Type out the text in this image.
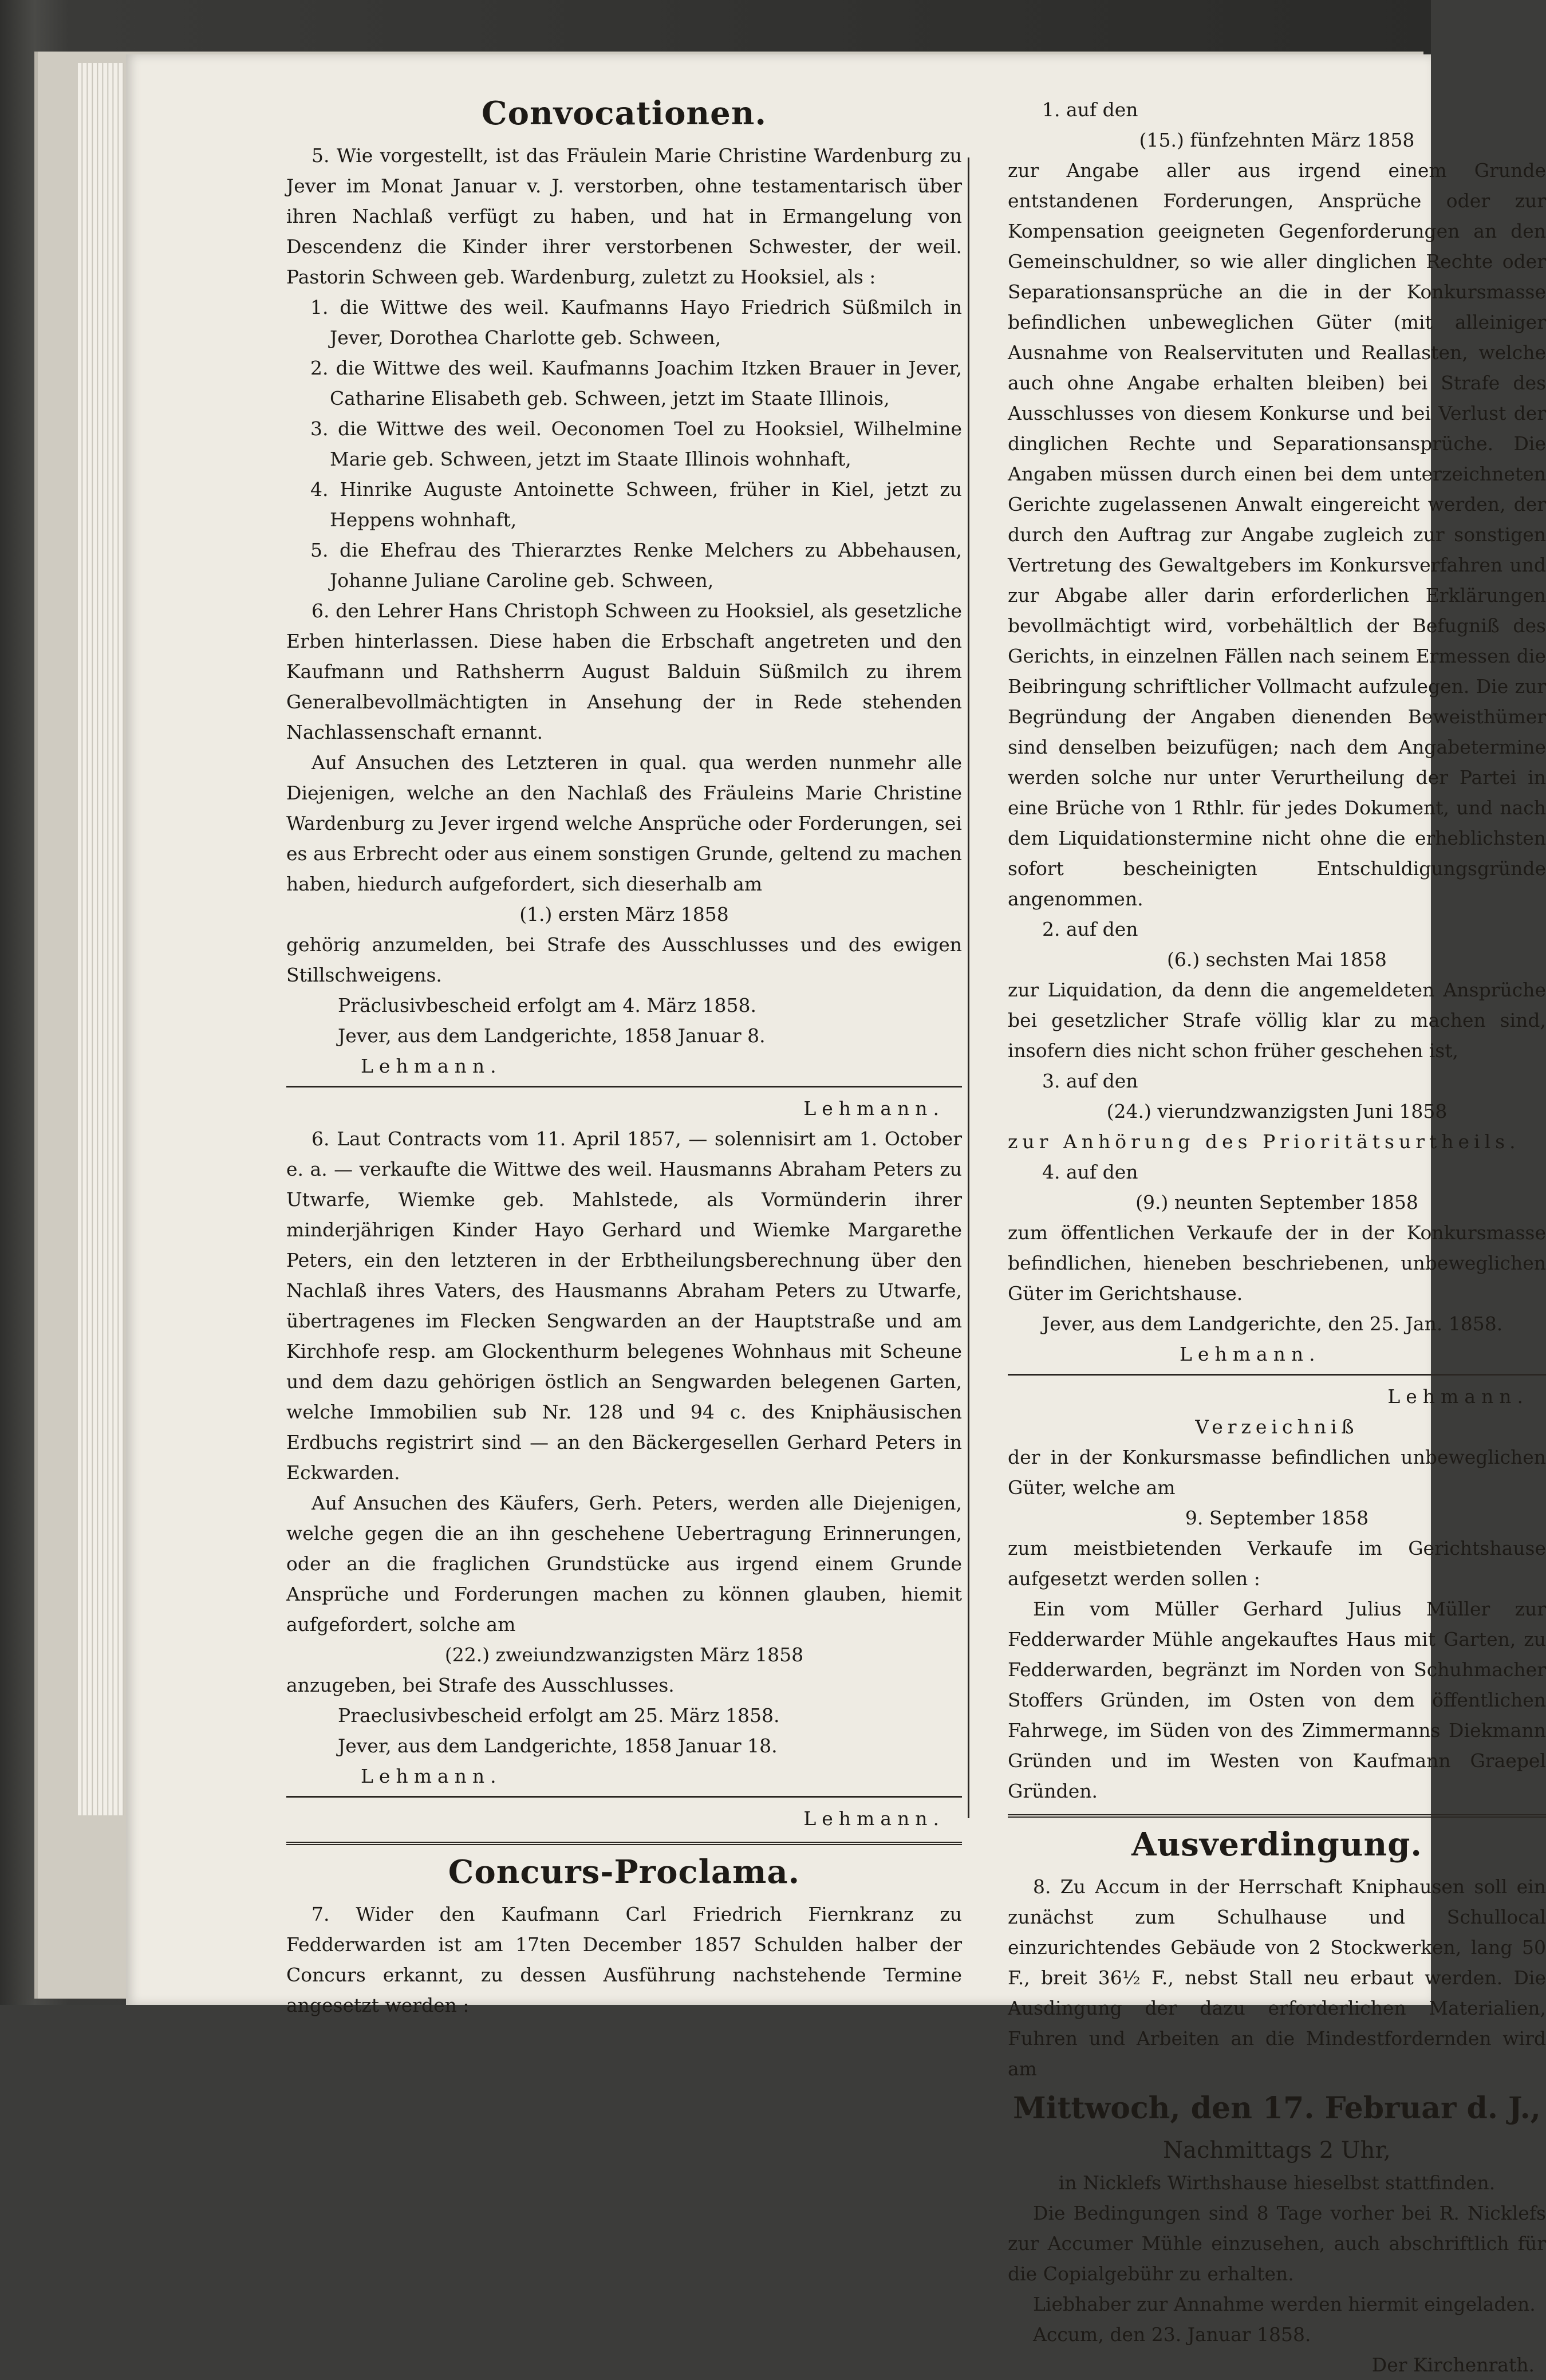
Convocationen.

5. Wie vorgestellt, ist das Fräulein Marie Christine Wardenburg zu Jever im Monat Januar v. J. verstorben, ohne testamentarisch über ihren Nachlaß verfügt zu haben, und hat in Ermangelung von Descendenz die Kinder ihrer verstorbenen Schwester, der weil. Pastorin Schween geb. Wardenburg, zuletzt zu Hooksiel, als :

1. die Wittwe des weil. Kaufmanns Hayo Friedrich Süßmilch in Jever, Dorothea Charlotte geb. Schween,

2. die Wittwe des weil. Kaufmanns Joachim Itzken Brauer in Jever, Catharine Elisabeth geb. Schween, jetzt im Staate Illinois,

3. die Wittwe des weil. Oeconomen Toel zu Hooksiel, Wilhelmine Marie geb. Schween, jetzt im Staate Illinois wohnhaft,

4. Hinrike Auguste Antoinette Schween, früher in Kiel, jetzt zu Heppens wohnhaft,

5. die Ehefrau des Thierarztes Renke Melchers zu Abbehausen, Johanne Juliane Caroline geb. Schween,

6. den Lehrer Hans Christoph Schween zu Hooksiel, als gesetzliche Erben hinterlassen. Diese haben die Erbschaft angetreten und den Kaufmann und Rathsherrn August Balduin Süßmilch zu ihrem Generalbevollmächtigten in Ansehung der in Rede stehenden Nachlassenschaft ernannt.

Auf Ansuchen des Letzteren in qual. qua werden nunmehr alle Diejenigen, welche an den Nachlaß des Fräuleins Marie Christine Wardenburg zu Jever irgend welche Ansprüche oder Forderungen, sei es aus Erbrecht oder aus einem sonstigen Grunde, geltend zu machen haben, hiedurch aufgefordert, sich dieserhalb am

(1.) ersten März 1858

gehörig anzumelden, bei Strafe des Ausschlusses und des ewigen Stillschweigens.

Präclusivbescheid erfolgt am 4. März 1858.

Jever, aus dem Landgerichte, 1858 Januar 8.

Lehmann.

Lehmann.

6. Laut Contracts vom 11. April 1857, — solennisirt am 1. October e. a. — verkaufte die Wittwe des weil. Hausmanns Abraham Peters zu Utwarfe, Wiemke geb. Mahlstede, als Vormünderin ihrer minderjährigen Kinder Hayo Gerhard und Wiemke Margarethe Peters, ein den letzteren in der Erbtheilungsberechnung über den Nachlaß ihres Vaters, des Hausmanns Abraham Peters zu Utwarfe, übertragenes im Flecken Sengwarden an der Hauptstraße und am Kirchhofe resp. am Glockenthurm belegenes Wohnhaus mit Scheune und dem dazu gehörigen östlich an Sengwarden belegenen Garten, welche Immobilien sub Nr. 128 und 94 c. des Kniphäusischen Erdbuchs registrirt sind — an den Bäckergesellen Gerhard Peters in Eckwarden.

Auf Ansuchen des Käufers, Gerh. Peters, werden alle Diejenigen, welche gegen die an ihn geschehene Uebertragung Erinnerungen, oder an die fraglichen Grundstücke aus irgend einem Grunde Ansprüche und Forderungen machen zu können glauben, hiemit aufgefordert, solche am

(22.) zweiundzwanzigsten März 1858

anzugeben, bei Strafe des Ausschlusses.

Praeclusivbescheid erfolgt am 25. März 1858.

Jever, aus dem Landgerichte, 1858 Januar 18.

Lehmann.

Lehmann.

Concurs-Proclama.

7. Wider den Kaufmann Carl Friedrich Fiernkranz zu Fedderwarden ist am 17ten December 1857 Schulden halber der Concurs erkannt, zu dessen Ausführung nachstehende Termine angesetzt werden :

1. auf den

(15.) fünfzehnten März 1858

zur Angabe aller aus irgend einem Grunde entstandenen Forderungen, Ansprüche oder zur Kompensation geeigneten Gegenforderungen an den Gemeinschuldner, so wie aller dinglichen Rechte oder Separationsansprüche an die in der Konkursmasse befindlichen unbeweglichen Güter (mit alleiniger Ausnahme von Realservituten und Reallasten, welche auch ohne Angabe erhalten bleiben) bei Strafe des Ausschlusses von diesem Konkurse und bei Verlust der dinglichen Rechte und Separationsansprüche. Die Angaben müssen durch einen bei dem unterzeichneten Gerichte zugelassenen Anwalt eingereicht werden, der durch den Auftrag zur Angabe zugleich zur sonstigen Vertretung des Gewaltgebers im Konkursverfahren und zur Abgabe aller darin erforderlichen Erklärungen bevollmächtigt wird, vorbehältlich der Befugniß des Gerichts, in einzelnen Fällen nach seinem Ermessen die Beibringung schriftlicher Vollmacht aufzulegen. Die zur Begründung der Angaben dienenden Beweisthümer sind denselben beizufügen; nach dem Angabetermine werden solche nur unter Verurtheilung der Partei in eine Brüche von 1 Rthlr. für jedes Dokument, und nach dem Liquidationstermine nicht ohne die erheblichsten sofort bescheinigten Entschuldigungsgründe angenommen.

2. auf den

(6.) sechsten Mai 1858

zur Liquidation, da denn die angemeldeten Ansprüche bei gesetzlicher Strafe völlig klar zu machen sind, insofern dies nicht schon früher geschehen ist,

3. auf den

(24.) vierundzwanzigsten Juni 1858

zur Anhörung des Prioritätsurtheils.

4. auf den

(9.) neunten September 1858

zum öffentlichen Verkaufe der in der Konkursmasse befindlichen, hieneben beschriebenen, unbeweglichen Güter im Gerichtshause.

Jever, aus dem Landgerichte, den 25. Jan. 1858.

Lehmann.

Lehmann.

Verzeichniß

der in der Konkursmasse befindlichen unbeweglichen Güter, welche am

9. September 1858

zum meistbietenden Verkaufe im Gerichtshause aufgesetzt werden sollen :

Ein vom Müller Gerhard Julius Müller zur Fedderwarder Mühle angekauftes Haus mit Garten, zu Fedderwarden, begränzt im Norden von Schuhmacher Stoffers Gründen, im Osten von dem öffentlichen Fahrwege, im Süden von des Zimmermanns Diekmann Gründen und im Westen von Kaufmann Graepel Gründen.

Ausverdingung.

8. Zu Accum in der Herrschaft Kniphausen soll ein zunächst zum Schulhause und Schullocal einzurichtendes Gebäude von 2 Stockwerken, lang 50 F., breit 36½ F., nebst Stall neu erbaut werden. Die Ausdingung der dazu erforderlichen Materialien, Fuhren und Arbeiten an die Mindestfordernden wird am

Mittwoch, den 17. Februar d. J.,

Nachmittags 2 Uhr,

in Nicklefs Wirthshause hieselbst stattfinden.

Die Bedingungen sind 8 Tage vorher bei R. Nicklefs zur Accumer Mühle einzusehen, auch abschriftlich für die Copialgebühr zu erhalten.

Liebhaber zur Annahme werden hiermit eingeladen.

Accum, den 23. Januar 1858.

Der Kirchenrath.
